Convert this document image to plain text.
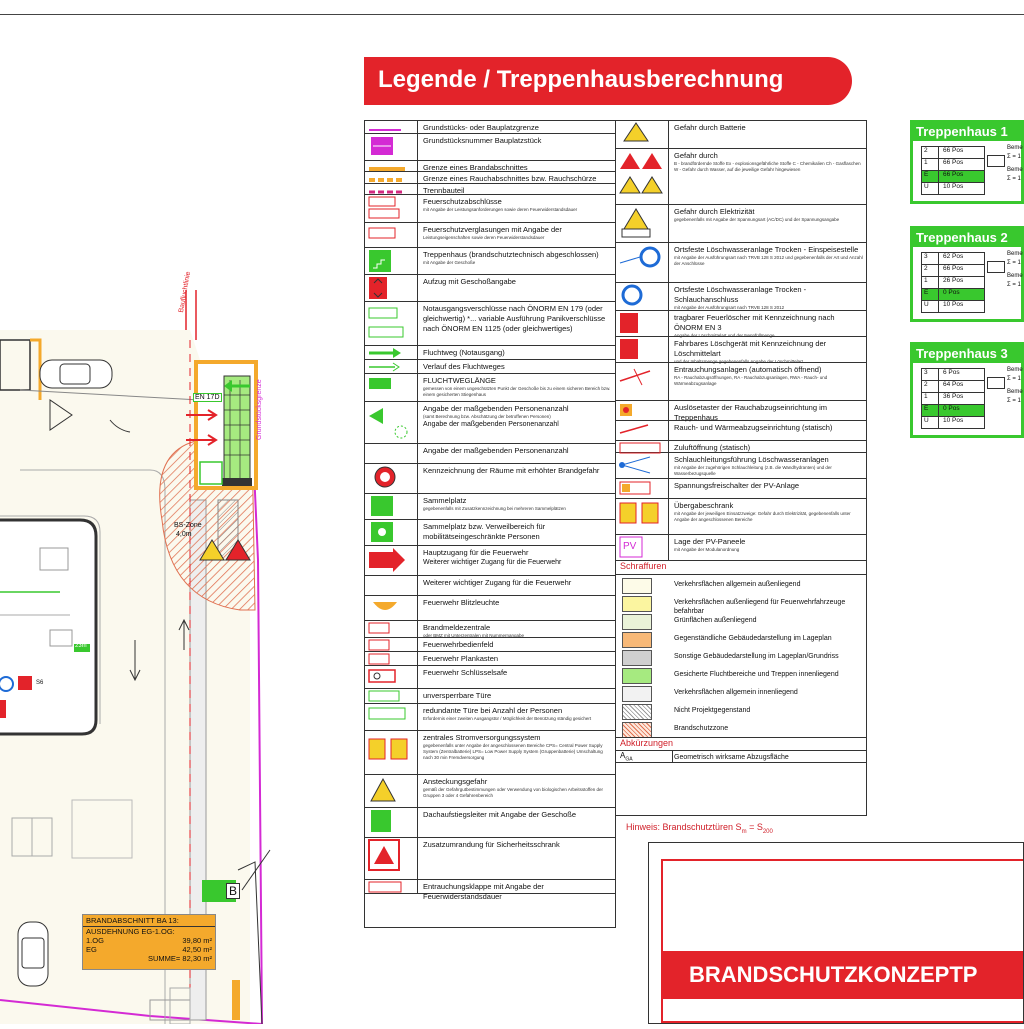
Baufluchtlinie
Grundstücksgrenze
EN 17D
BS-Zone
4,0m
23m
S6
B
BRANDABSCHNITT BA 13:
AUSDEHNUNG EG-1.OG:
1.OG	39,80 m²
EG	42,50 m²
SUMME= 82,30 m²
Legende / Treppenhausberechnung
Grundstücks- oder Bauplatzgrenze
Grundstücksnummer Bauplatzstück
Grenze eines Brandabschnittes
Grenze eines Rauchabschnittes bzw. Rauchschürze
Trennbauteil
Feuerschutzabschlüsse
mit Angabe der Leistungsanforderungen sowie deren Feuerwiderstandsdauer
Feuerschutzverglasungen mit Angabe der
Leistungseigenschaften sowie deren Feuerwiderstandsdauer
Treppenhaus (brandschutztechnisch abgeschlossen)
mit Angabe der Geschoße
Aufzug mit Geschoßangabe
Notausgangsverschlüsse nach ÖNORM EN 179 (oder gleichwertig) *... variable Ausführung Panikverschlüsse nach ÖNORM EN 1125 (oder gleichwertiges)
Fluchtweg (Notausgang)
Verlauf des Fluchtweges
FLUCHTWEGLÄNGE
gemessen von einem ungeschützten Punkt der Geschoße bis zu einem sicheren Bereich bzw. einem gesicherten Stiegenhaus
Angabe der maßgebenden Personenanzahl
(samt Berechnung bzw. Abschätzung der betroffenen Personen)
Angabe der maßgebenden Personenanzahl
Angabe der maßgebenden Personenanzahl
Kennzeichnung der Räume mit erhöhter Brandgefahr
Sammelplatz
gegebenenfalls mit Zusatzkennzeichnung bei mehreren Sammelplätzen
Sammelplatz bzw. Verweilbereich für mobilitätseingeschränkte Personen
Hauptzugang für die Feuerwehr
Weiterer wichtiger Zugang für die Feuerwehr
Weiterer wichtiger Zugang für die Feuerwehr
Feuerwehr Blitzleuchte
Brandmeldezentrale
oder BMZ mit Unterzentralen mit Nummernangabe
Feuerwehrbedienfeld
Feuerwehr Plankasten
Feuerwehr Schlüsselsafe
unversperrbare Türe
redundante Türe bei Anzahl der Personen
Erfordernis einer zweiten Ausgangstür / Möglichkeit der Benützung ständig gesichert
zentrales Stromversorgungssystem
gegebenenfalls unter Angabe der angeschlossenen Bereiche CPS= Central Power Supply System (Zentralbatterie) LPS= Low Power Supply System (Gruppenbatterie) Umschaltung nach 30 min Fremdversorgung
Ansteckungsgefahr
gemäß der Gefahrgutbestimmungen oder Verwendung von biologischen Arbeitsstoffen der Gruppen 3 oder 4 Gefahrenbereich
Dachaufstiegsleiter mit Angabe der Geschoße
Zusatzumrandung für Sicherheitsschrank
Entrauchungsklappe mit Angabe der Feuerwiderstandsdauer
Gefahr durch Batterie
Gefahr durch
B - brandfördernde Stoffe Ex - explosionsgefährliche Stoffe C - Chemikalien Ch - Gasflaschen W - Gefahr durch Wasser, auf die jeweilige Gefahr hingewiesen
Gefahr durch Elektrizität
gegebenenfalls mit Angabe der Spannungsart (AC/DC) und der Spannungsangabe
Ortsfeste Löschwasseranlage Trocken - Einspeisestelle
mit Angabe der Ausführungsart nach TRVB 128 S 2012 und gegebenenfalls der Art und Anzahl der Anschlüsse
Ortsfeste Löschwasseranlage Trocken - Schlauchanschluss
mit Angabe der Ausführungsart nach TRVB 128 S 2012
tragbarer Feuerlöscher mit Kennzeichnung nach ÖNORM EN 3
Angabe der Löschmittelart und der Nennfüllmenge
Fahrbares Löschgerät mit Kennzeichnung der Löschmittelart
und der Inhaltsmenge gegebenenfalls Angabe der Löschmittelart
Entrauchungsanlagen (automatisch öffnend)
RA - Rauchabzugsöffnungen, RA - Rauchabzugsanlagen, RWA - Rauch- und Wärmeabzugsanlage
Auslösetaster der Rauchabzugseinrichtung im Treppenhaus
Rauch- und Wärmeabzugseinrichtung (statisch)
Zuluftöffnung (statisch)
Schlauchleitungsführung Löschwasseranlagen
mit Angabe der zugehörigen Schlauchleitung (z.B. die Wandhydranten) und der Wasserbezugsquelle
Spannungsfreischalter der PV-Anlage
Übergabeschrank
mit Angabe der jeweiligen Einsatzzweige: Gefahr durch Elektrizität, gegebenenfalls unter Angabe der angeschlossenen Bereiche
PV	Lage der PV-Paneele
mit Angabe der Modulanordnung
Schraffuren
Verkehrsflächen allgemein außenliegend
Verkehrsflächen außenliegend für Feuerwehrfahrzeuge befahrbar
Grünflächen außenliegend
Gegenständliche Gebäudedarstellung im Lageplan
Sonstige Gebäudedarstellung im Lageplan/Grundriss
Gesicherte Fluchtbereiche und Treppen innenliegend
Verkehrsflächen allgemein innenliegend
Nicht Projektgegenstand
Brandschutzzone
Abkürzungen
$A_{GA}$	Geometrisch wirksame Abzugsfläche
Hinweis: Brandschutztüren $S_m = S_{200}$
Treppenhaus 1
2	66 Pos
1	66 Pos
E	66 Pos
U	10 Pos
Beme
Σ = 1
Beme
Σ = 1
Treppenhaus 2
3	62 Pos
2	66 Pos
1	26 Pos
E	0 Pos
U	10 Pos
Beme
Σ = 1
Beme
Σ = 1
Treppenhaus 3
3	6 Pos
2	64 Pos
1	36 Pos
E	0 Pos
U	10 Pos
Beme
Σ = 1
Beme
Σ = 1
BRANDSCHUTZKONZEPTP
